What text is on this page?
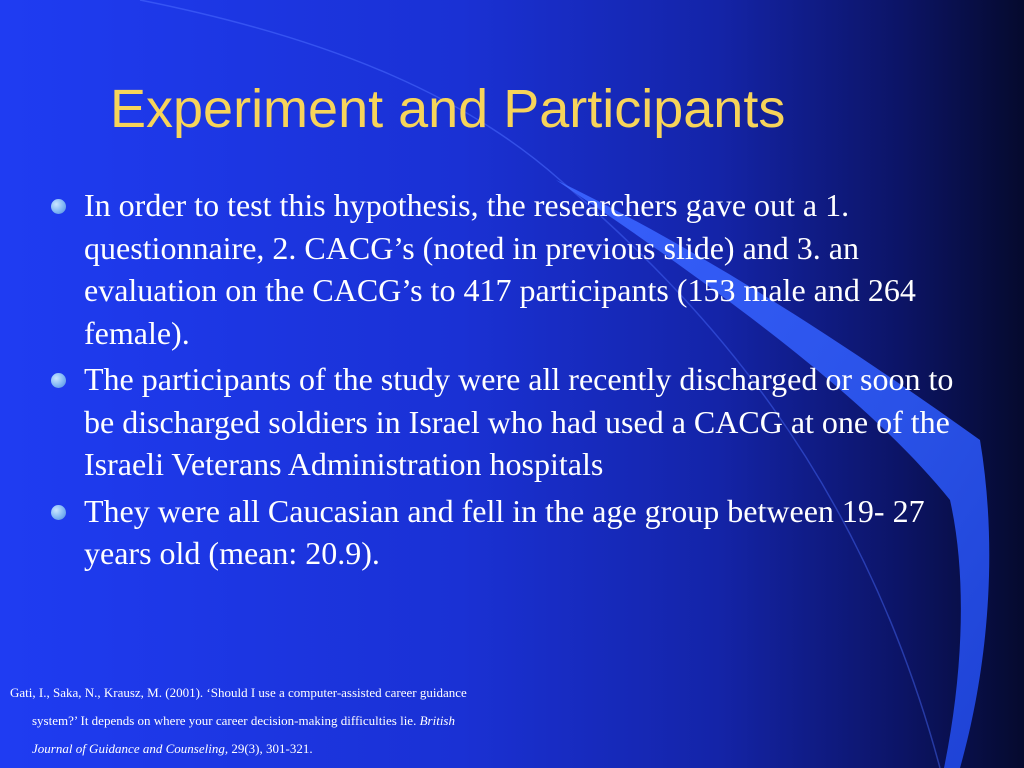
Experiment and Participants
In order to test this hypothesis, the researchers gave out a 1. questionnaire, 2. CACG’s (noted in previous slide) and 3. an evaluation on the CACG’s to 417 participants (153 male and 264 female).
The participants of the study were all recently discharged or soon to be discharged soldiers in Israel who had used a CACG at one of the Israeli Veterans Administration hospitals
They were all Caucasian and fell in the age group between 19- 27 years old (mean: 20.9).

Gati, I., Saka, N., Krausz, M. (2001). ‘Should I use a computer-assisted career guidance
system?’ It depends on where your career decision-making difficulties lie. British
Journal of Guidance and Counseling, 29(3), 301-321.
